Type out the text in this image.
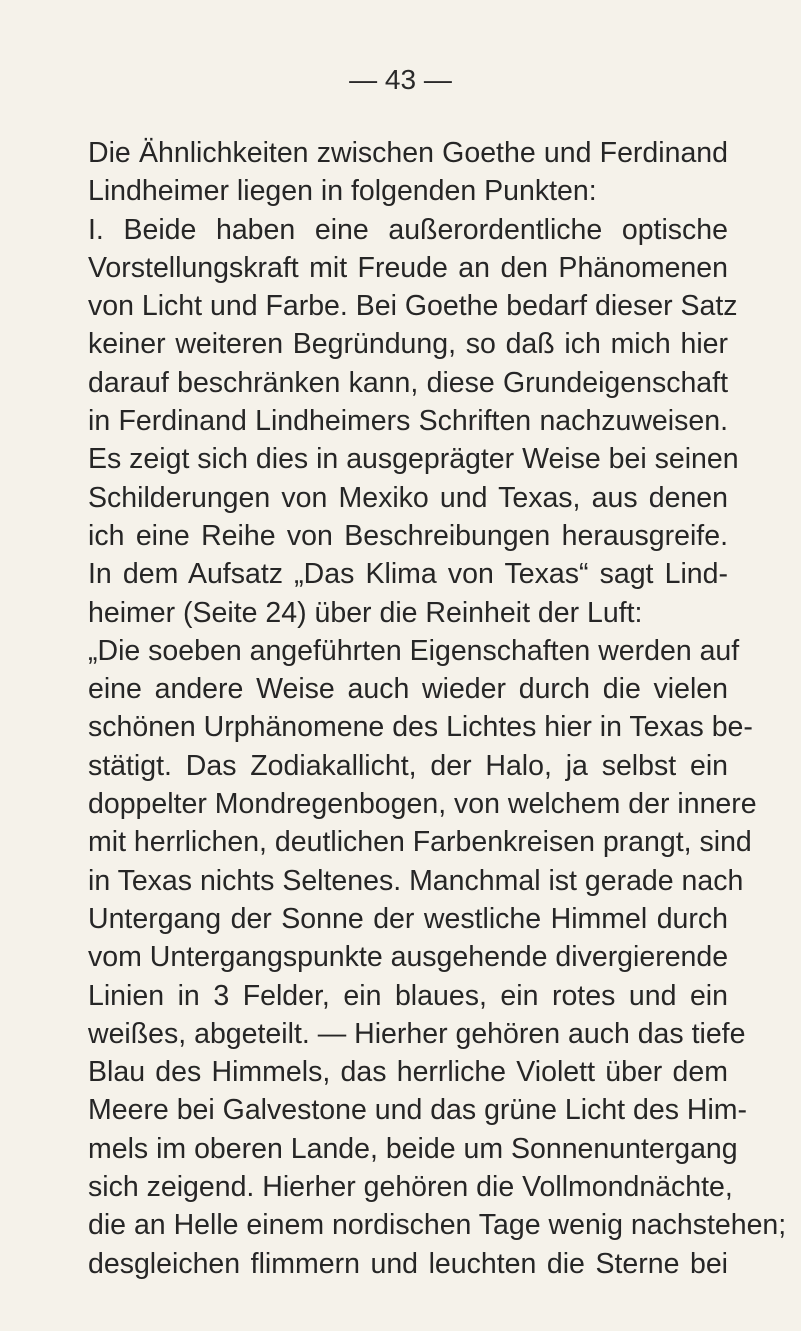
— 43 —
Die Ähnlichkeiten zwischen Goethe und Ferdinand
Lindheimer liegen in folgenden Punkten:
I. Beide haben eine außerordentliche optische
Vorstellungskraft mit Freude an den Phänomenen
von Licht und Farbe. Bei Goethe bedarf dieser Satz
keiner weiteren Begründung, so daß ich mich hier
darauf beschränken kann, diese Grundeigenschaft
in Ferdinand Lindheimers Schriften nachzuweisen.
Es zeigt sich dies in ausgeprägter Weise bei seinen
Schilderungen von Mexiko und Texas, aus denen
ich eine Reihe von Beschreibungen herausgreife.
In dem Aufsatz „Das Klima von Texas“ sagt Lind-
heimer (Seite 24) über die Reinheit der Luft:
„Die soeben angeführten Eigenschaften werden auf
eine andere Weise auch wieder durch die vielen
schönen Urphänomene des Lichtes hier in Texas be-
stätigt. Das Zodiakallicht, der Halo, ja selbst ein
doppelter Mondregenbogen, von welchem der innere
mit herrlichen, deutlichen Farbenkreisen prangt, sind
in Texas nichts Seltenes. Manchmal ist gerade nach
Untergang der Sonne der westliche Himmel durch
vom Untergangspunkte ausgehende divergierende
Linien in 3 Felder, ein blaues, ein rotes und ein
weißes, abgeteilt. — Hierher gehören auch das tiefe
Blau des Himmels, das herrliche Violett über dem
Meere bei Galvestone und das grüne Licht des Him-
mels im oberen Lande, beide um Sonnenuntergang
sich zeigend. Hierher gehören die Vollmondnächte,
die an Helle einem nordischen Tage wenig nachstehen;
desgleichen flimmern und leuchten die Sterne bei
